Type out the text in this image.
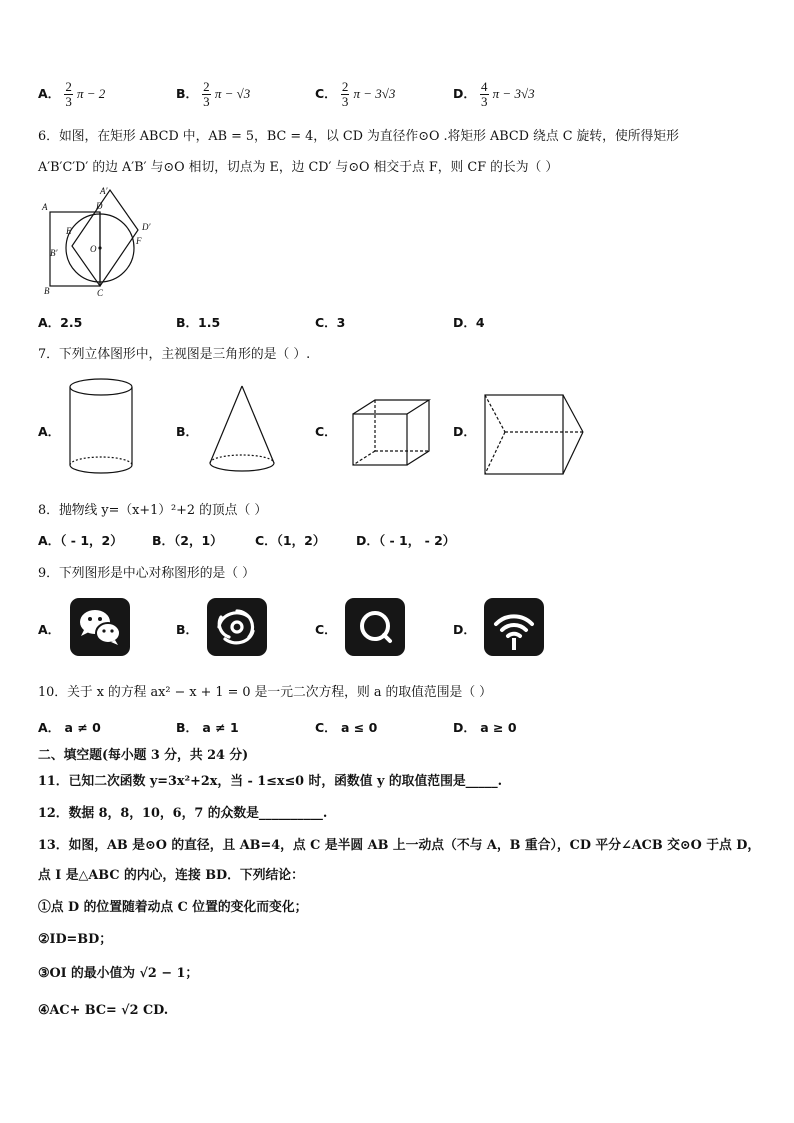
A． $\frac{2}{3}$ π − 2	B． $\frac{2}{3}$ π − √3	C． $\frac{2}{3}$ π − 3√3	D． $\frac{4}{3}$ π − 3√3
6．如图，在矩形 ABCD 中，AB = 5，BC = 4，以 CD 为直径作⊙O .将矩形 ABCD 绕点 C 旋转，使所得矩形
A′B′C′D′ 的边 A′B′ 与⊙O 相切，切点为 E，边 CD′ 与⊙O 相交于点 F，则 CF 的长为（ ）
A
B	C
D
A′
B′
D′
E
F
O
A．2.5	B．1.5	C．3	D．4
7．下列立体图形中，主视图是三角形的是（ ）.
A．	B．	C．	D．
8．抛物线 y=（x+1）²+2 的顶点（ ）
A．（ - 1，2） B．（2，1）	C．（1，2） D．（ - 1， - 2）
9．下列图形是中心对称图形的是（ ）
A．	B．	C．	D．
10．关于 x 的方程 ax² − x + 1 = 0 是一元二次方程，则 a 的取值范围是（ ）
A． a ≠ 0	B． a ≠ 1	C． a ≤ 0	D． a ≥ 0
二、填空题(每小题 3 分，共 24 分)
11．已知二次函数 y=3x²+2x，当 - 1≤x≤0 时，函数值 y 的取值范围是_____.
12．数据 8，8，10，6，7 的众数是__________.
13．如图，AB 是⊙O 的直径，且 AB=4，点 C 是半圆 AB 上一动点（不与 A，B 重合），CD 平分∠ACB 交⊙O 于点 D，
点 I 是△ABC 的内心，连接 BD．下列结论：
①点 D 的位置随着动点 C 位置的变化而变化；
②ID=BD；
③OI 的最小值为 √2 − 1；
④AC+ BC= √2 CD.
